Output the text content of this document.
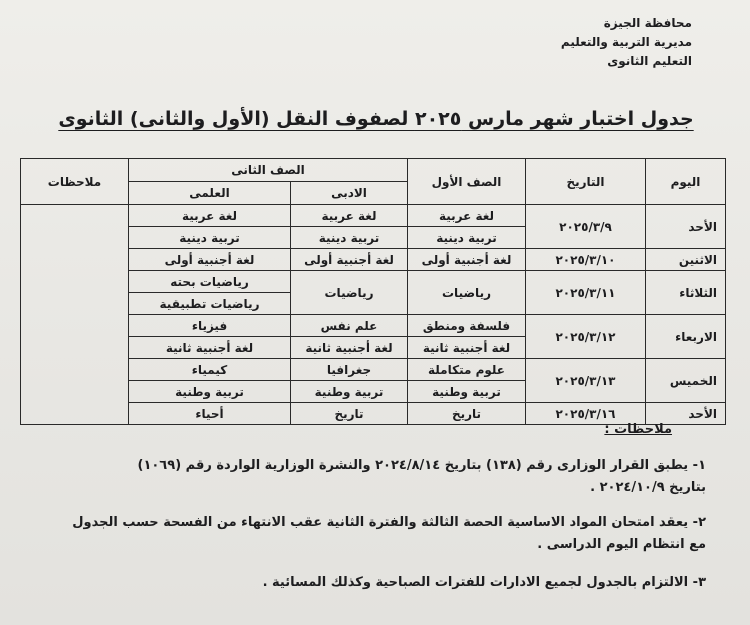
محافظة الجيزة
مديرية التربية والتعليم
التعليم الثانوى
جدول اختبار شهر مارس ٢٠٢٥ لصفوف النقل (الأول والثانى) الثانوى
اليوم	التاريخ	الصف الأول	الصف الثانى		ملاحظات
			الادبى	العلمى	
الأحد	٢٠٢٥/٣/٩	لغة عربية	لغة عربية	لغة عربية	
		تربية دينية	تربية دينية	تربية دينية	
الاثنين	٢٠٢٥/٣/١٠	لغة أجنبية أولى	لغة أجنبية أولى	لغة أجنبية أولى	
الثلاثاء	٢٠٢٥/٣/١١	رياضيات	رياضيات	رياضيات بحته	
				رياضيات تطبيقية	
الاربعاء	٢٠٢٥/٣/١٢	فلسفة ومنطق	علم نفس	فيزياء	
		لغة أجنبية ثانية	لغة أجنبية ثانية	لغة أجنبية ثانية	
الخميس	٢٠٢٥/٣/١٣	علوم متكاملة	جغرافيا	كيمياء	
		تربية وطنية	تربية وطنية	تربية وطنية	
الأحد	٢٠٢٥/٣/١٦	تاريخ	تاريخ	أحياء	
ملاحظات :

١- يطبق القرار الوزارى رقم (١٣٨) بتاريخ ٢٠٢٤/٨/١٤ والنشرة الوزارية الواردة رقم (١٠٦٩)

بتاريخ ٢٠٢٤/١٠/٩ .

٢- يعقد امتحان المواد الاساسية الحصة الثالثة والفترة الثانية عقب الانتهاء من الفسحة حسب الجدول

مع انتظام اليوم الدراسى .

٣- الالتزام بالجدول لجميع الادارات للفترات الصباحية وكذلك المسائية .
